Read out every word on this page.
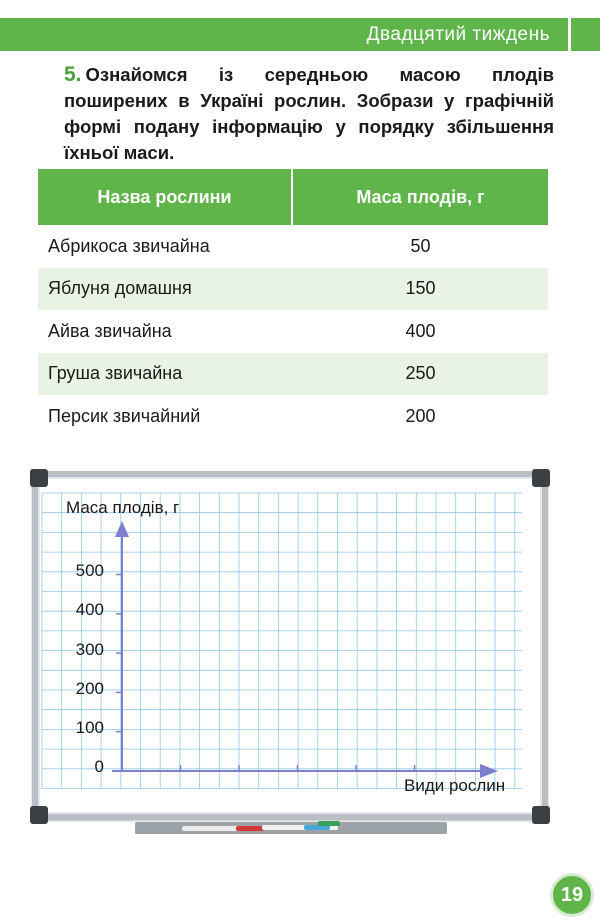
Двадцятий тиждень
5. Ознайомся із середньою масою плодів поширених в Україні рослин. Зобрази у графічній формі подану інформацію у порядку збільшення їхньої маси.
Назва рослини	Маса плодів, г
Абрикоса звичайна	50
Яблуня домашня	150
Айва звичайна	400
Груша звичайна	250
Персик звичайний	200
Маса плодів, г
500
400
300
200
100
0
Види рослин
19
